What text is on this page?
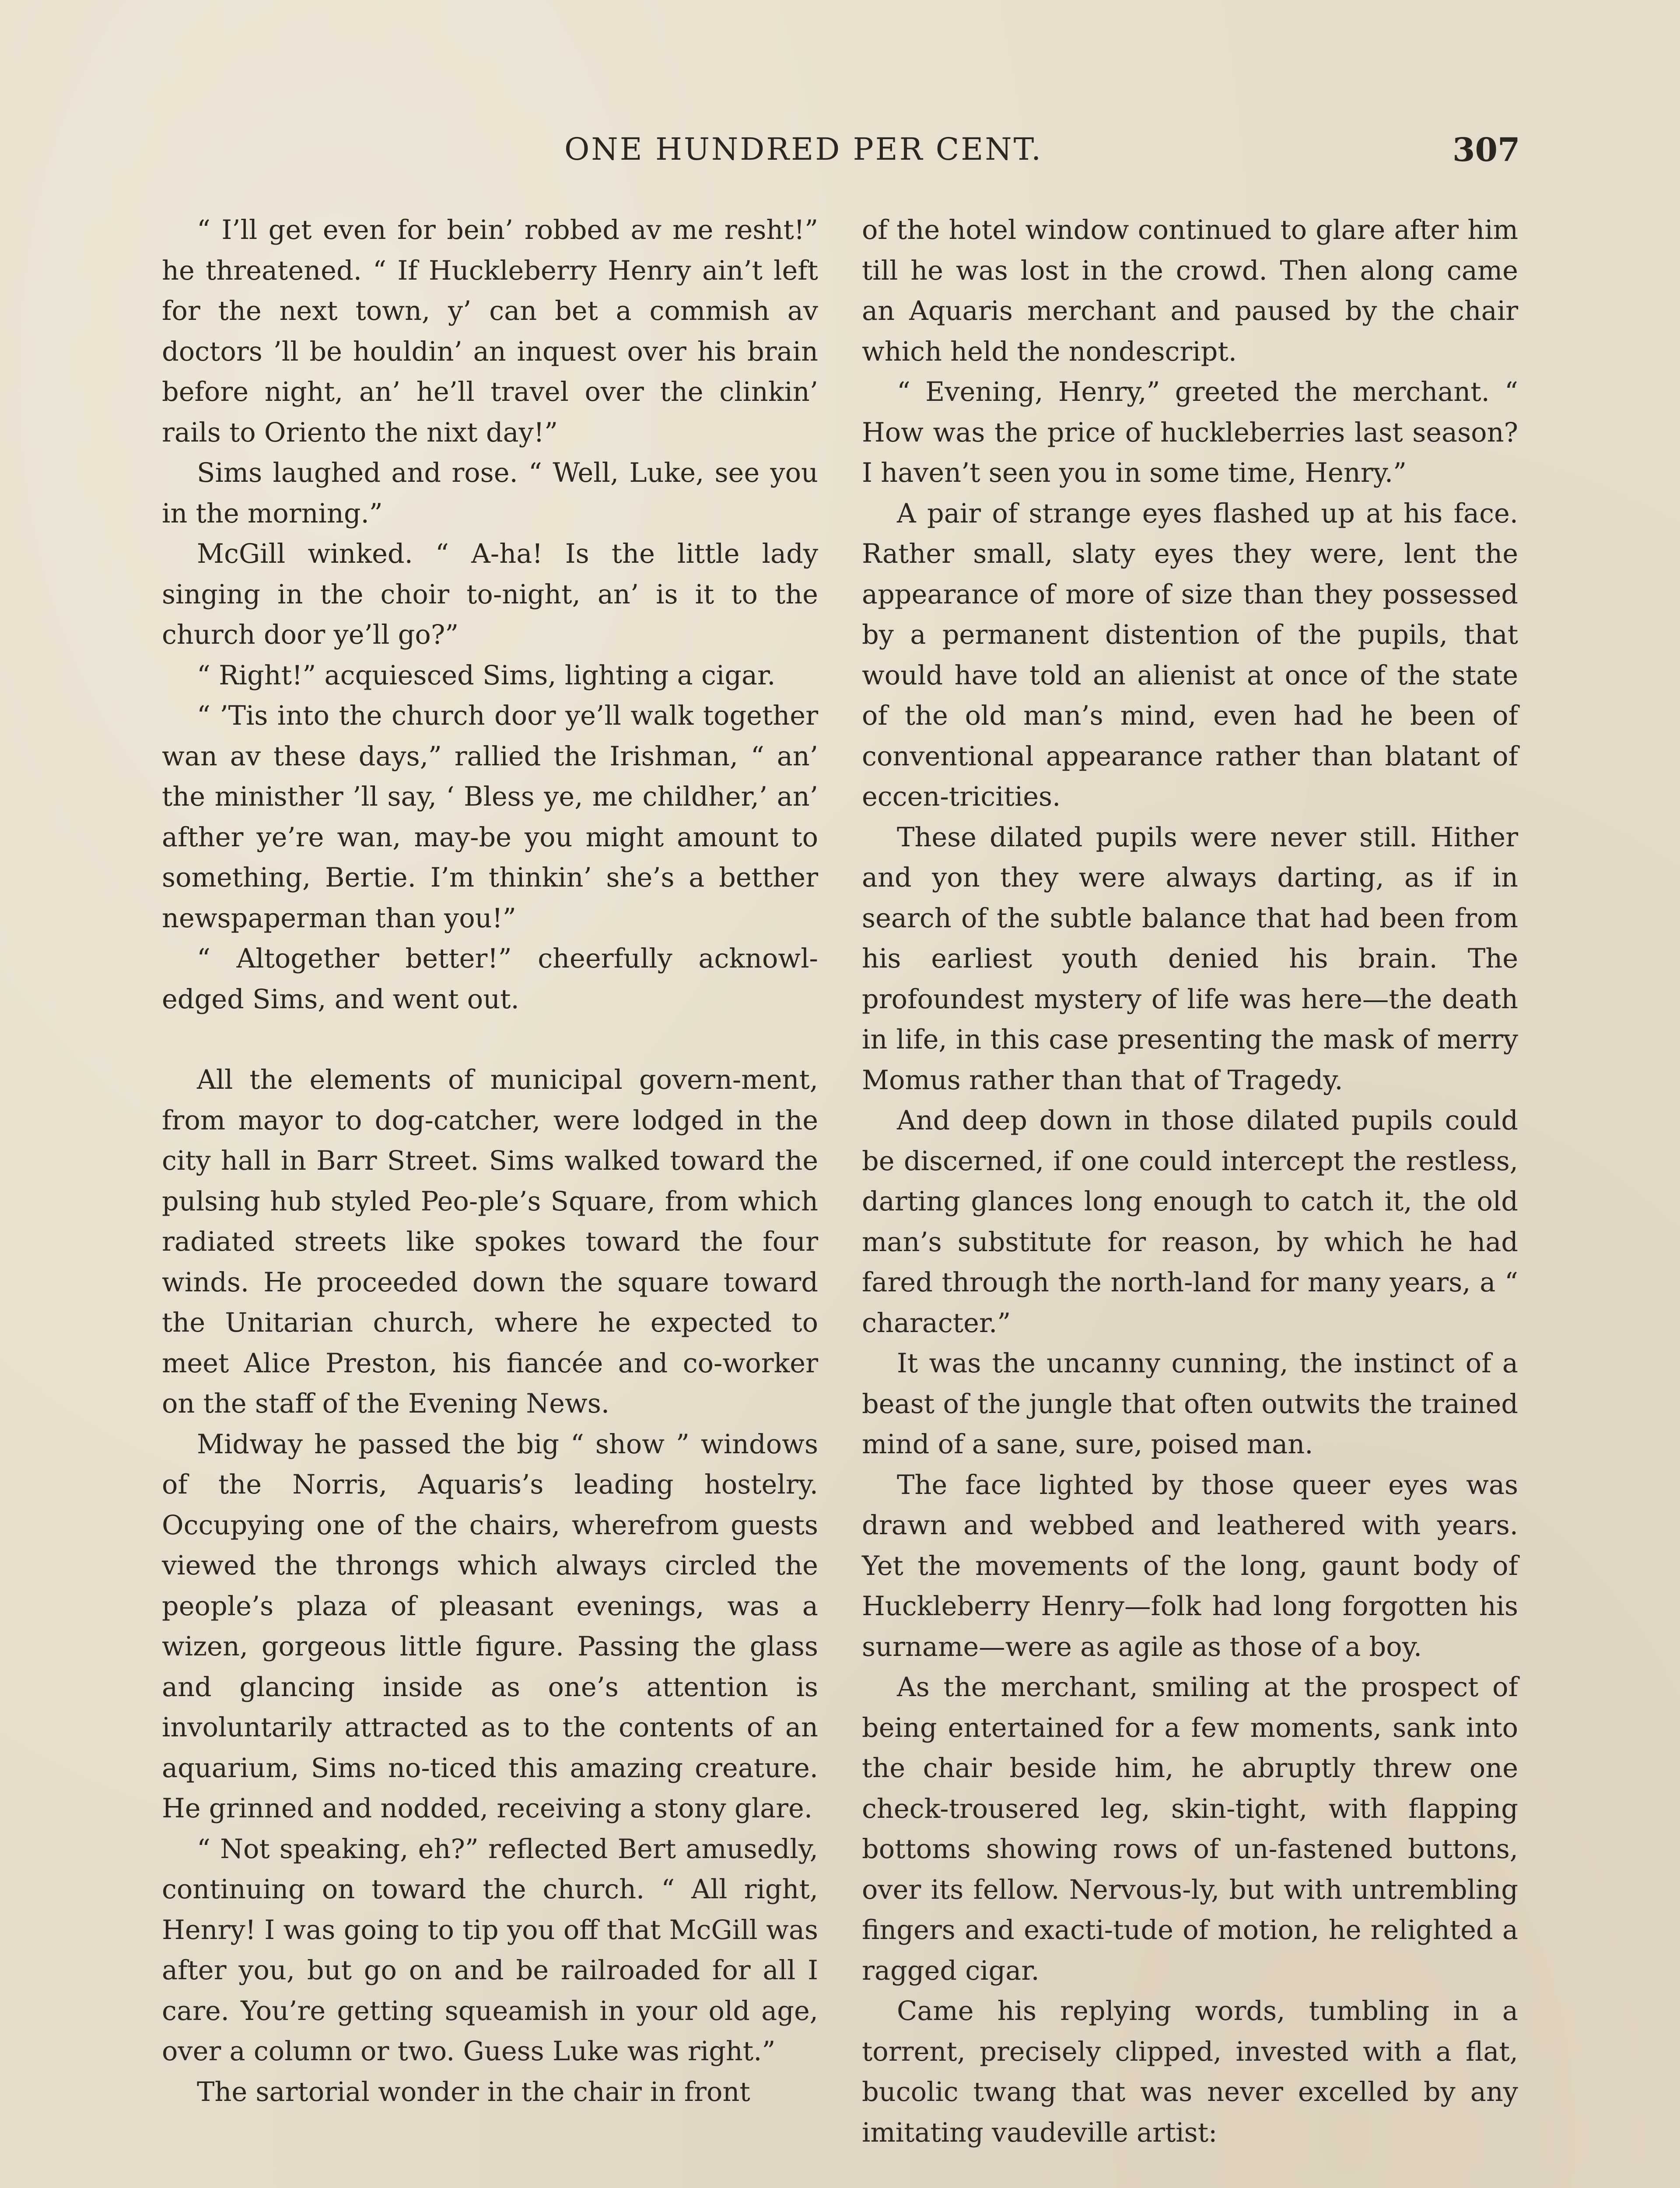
ONE HUNDRED PER CENT.	307

“ I’ll get even for bein’ robbed av me resht!” he threatened. “ If Huckleberry Henry ain’t left for the next town, y’ can bet a commish av doctors ’ll be houldin’ an inquest over his brain before night, an’ he’ll travel over the clinkin’ rails to Oriento the nixt day!”

Sims laughed and rose. “ Well, Luke, see you in the morning.”

McGill winked. “ A-ha! Is the little lady singing in the choir to-night, an’ is it to the church door ye’ll go?”

“ Right!” acquiesced Sims, lighting a cigar.

“ ’Tis into the church door ye’ll walk together wan av these days,” rallied the Irishman, “ an’ the ministher ’ll say, ‘ Bless ye, me childher,’ an’ afther ye’re wan, may-be you might amount to something, Bertie. I’m thinkin’ she’s a betther newspaperman than you!”

“ Altogether better!” cheerfully acknowl-edged Sims, and went out.

All the elements of municipal govern-ment, from mayor to dog-catcher, were lodged in the city hall in Barr Street. Sims walked toward the pulsing hub styled Peo-ple’s Square, from which radiated streets like spokes toward the four winds. He proceeded down the square toward the Unitarian church, where he expected to meet Alice Preston, his fiancée and co-worker on the staff of the Evening News.

Midway he passed the big “ show ” windows of the Norris, Aquaris’s leading hostelry. Occupying one of the chairs, wherefrom guests viewed the throngs which always circled the people’s plaza of pleasant evenings, was a wizen, gorgeous little figure. Passing the glass and glancing inside as one’s attention is involuntarily attracted as to the contents of an aquarium, Sims no-ticed this amazing creature. He grinned and nodded, receiving a stony glare.

“ Not speaking, eh?” reflected Bert amusedly, continuing on toward the church. “ All right, Henry! I was going to tip you off that McGill was after you, but go on and be railroaded for all I care. You’re getting squeamish in your old age, over a column or two. Guess Luke was right.”

The sartorial wonder in the chair in front

of the hotel window continued to glare after him till he was lost in the crowd. Then along came an Aquaris merchant and paused by the chair which held the nondescript.

“ Evening, Henry,” greeted the merchant. “ How was the price of huckleberries last season? I haven’t seen you in some time, Henry.”

A pair of strange eyes flashed up at his face. Rather small, slaty eyes they were, lent the appearance of more of size than they possessed by a permanent distention of the pupils, that would have told an alienist at once of the state of the old man’s mind, even had he been of conventional appearance rather than blatant of eccen-tricities.

These dilated pupils were never still. Hither and yon they were always darting, as if in search of the subtle balance that had been from his earliest youth denied his brain. The profoundest mystery of life was here—the death in life, in this case presenting the mask of merry Momus rather than that of Tragedy.

And deep down in those dilated pupils could be discerned, if one could intercept the restless, darting glances long enough to catch it, the old man’s substitute for reason, by which he had fared through the north-land for many years, a “ character.”

It was the uncanny cunning, the instinct of a beast of the jungle that often outwits the trained mind of a sane, sure, poised man.

The face lighted by those queer eyes was drawn and webbed and leathered with years. Yet the movements of the long, gaunt body of Huckleberry Henry—folk had long forgotten his surname—were as agile as those of a boy.

As the merchant, smiling at the prospect of being entertained for a few moments, sank into the chair beside him, he abruptly threw one check-trousered leg, skin-tight, with flapping bottoms showing rows of un-fastened buttons, over its fellow. Nervous-ly, but with untrembling fingers and exacti-tude of motion, he relighted a ragged cigar.

Came his replying words, tumbling in a torrent, precisely clipped, invested with a flat, bucolic twang that was never excelled by any imitating vaudeville artist:
